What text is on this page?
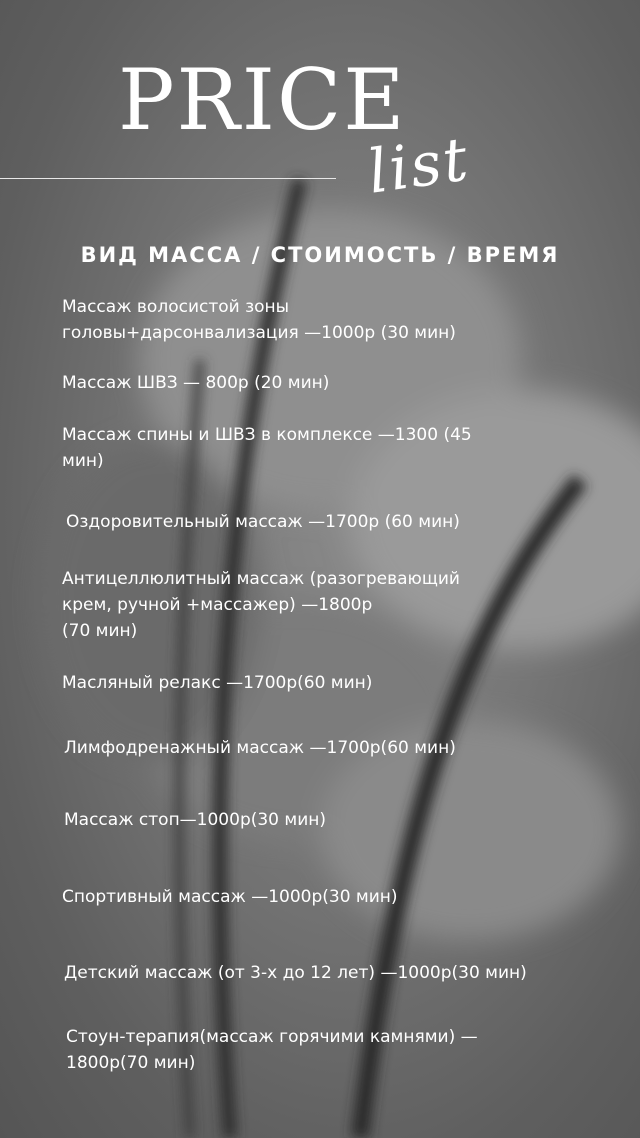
PRICE
list
ВИД МАССА / СТОИМОСТЬ / ВРЕМЯ
Массаж волосистой зоны
головы+дарсонвализация —1000р (30 мин)
Массаж ШВЗ — 800р (20 мин)
Массаж спины и ШВЗ в комплексе —1300 (45
мин)
Оздоровительный массаж —1700р (60 мин)
Антицеллюлитный массаж (разогревающий
крем, ручной +массажер) —1800р
(70 мин)
Масляный релакс —1700р(60 мин)
Лимфодренажный массаж —1700р(60 мин)
Массаж стоп—1000р(30 мин)
Спортивный массаж —1000р(30 мин)
Детский массаж (от 3-х до 12 лет) —1000р(30 мин)
Стоун-терапия(массаж горячими камнями) —
1800р(70 мин)
